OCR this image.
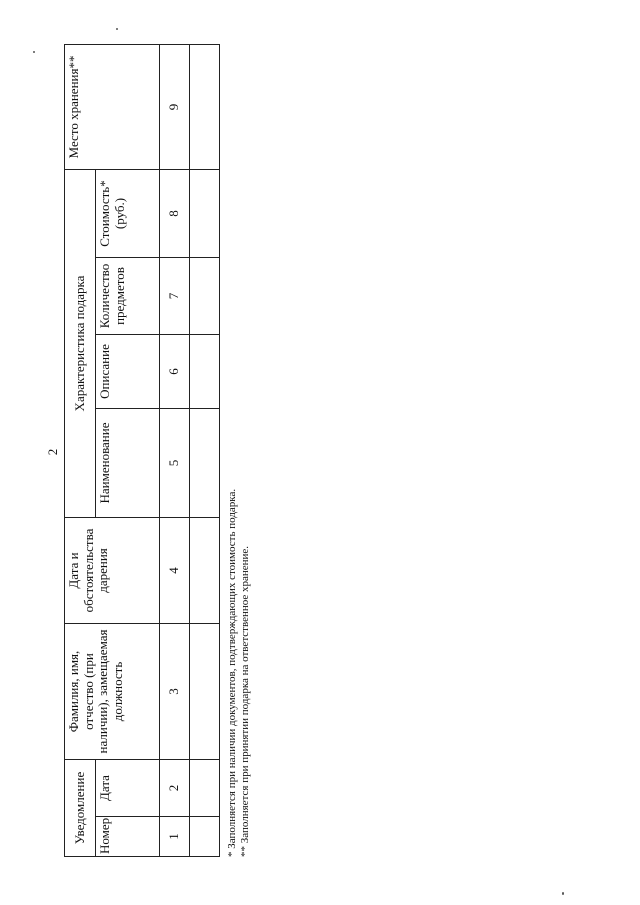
2
Уведомление		Фамилия, имя, отчество (при наличии), замещаемая должность	Дата и обстоятельства дарения	Характеристика подарка				Место хранения**
Номер	Дата			Наименование	Описание	Количество предметов	Стоимость* (руб.)	
1	2	3	4	5	6	7	8	9

* Заполняется при наличии документов, подтверждающих стоимость подарка. ** Заполняется при принятии подарка на ответственное хранение.
